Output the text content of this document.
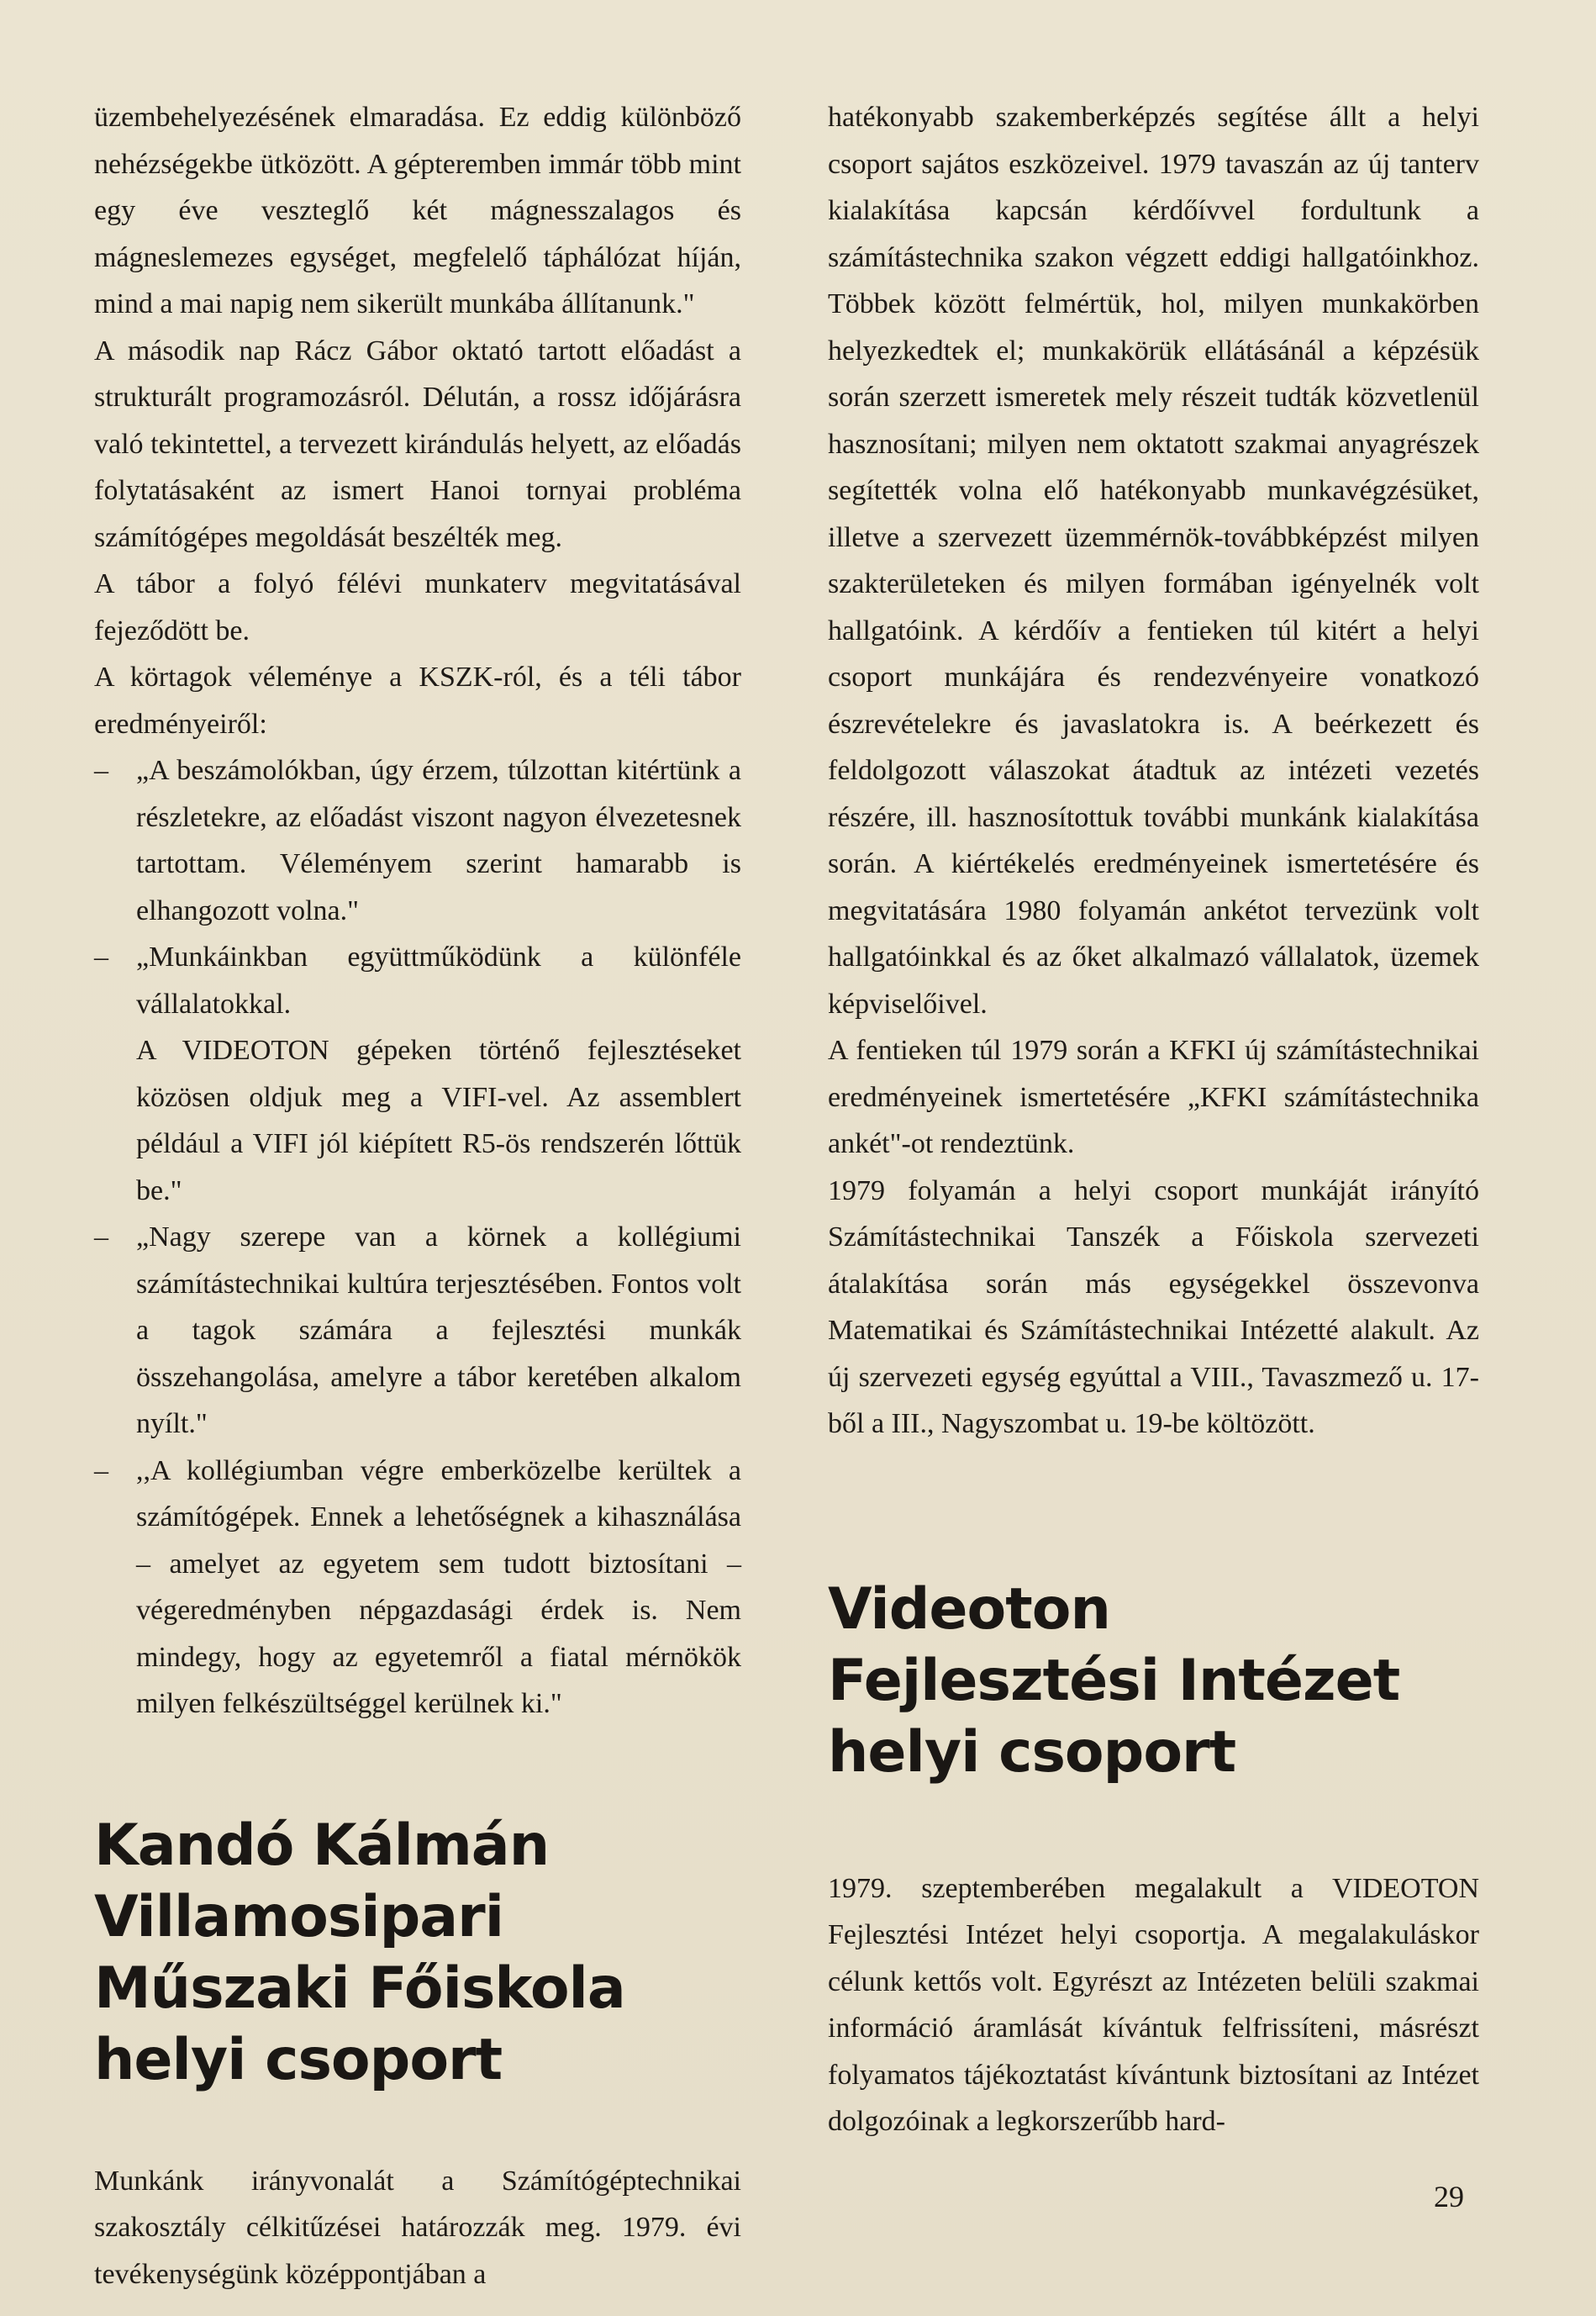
üzembehelyezésének elmaradása. Ez eddig különböző nehézségekbe ütközött. A gépteremben immár több mint egy éve veszteglő két mágnesszalagos és mágneslemezes egységet, megfelelő táphálózat híján, mind a mai napig nem sikerült munkába állítanunk."
A második nap Rácz Gábor oktató tartott előadást a strukturált programozásról. Délután, a rossz időjárásra való tekintettel, a tervezett kirándulás helyett, az előadás folytatásaként az ismert Hanoi tornyai probléma számítógépes megoldását beszélték meg.
A tábor a folyó félévi munkaterv megvitatásával fejeződött be.
A körtagok véleménye a KSZK-ról, és a téli tábor eredményeiről:
– „A beszámolókban, úgy érzem, túlzottan kitértünk a részletekre, az előadást viszont nagyon élvezetesnek tartottam. Véleményem szerint hamarabb is elhangozott volna."
– „Munkáinkban együttműködünk a különféle vállalatokkal.
A VIDEOTON gépeken történő fejlesztéseket közösen oldjuk meg a VIFI-vel. Az assemblert például a VIFI jól kiépített R5-ös rendszerén lőttük be."
– „Nagy szerepe van a körnek a kollégiumi számítástechnikai kultúra terjesztésében. Fontos volt a tagok számára a fejlesztési munkák összehangolása, amelyre a tábor keretében alkalom nyílt."
– ,,A kollégiumban végre emberközelbe kerültek a számítógépek. Ennek a lehetőségnek a kihasználása – amelyet az egyetem sem tudott biztosítani – végeredményben népgazdasági érdek is. Nem mindegy, hogy az egyetemről a fiatal mérnökök milyen felkészültséggel kerülnek ki."
Kandó Kálmán
Villamosipari
Műszaki Főiskola
helyi csoport

Munkánk irányvonalát a Számítógéptechnikai szakosztály célkitűzései határozzák meg. 1979. évi tevékenységünk középpontjában a

hatékonyabb szakemberképzés segítése állt a helyi csoport sajátos eszközeivel. 1979 tavaszán az új tanterv kialakítása kapcsán kérdőívvel fordultunk a számítástechnika szakon végzett eddigi hallgatóinkhoz. Többek között felmértük, hol, milyen munkakörben helyezkedtek el; munkakörük ellátásánál a képzésük során szerzett ismeretek mely részeit tudták közvetlenül hasznosítani; milyen nem oktatott szakmai anyagrészek segítették volna elő hatékonyabb munkavégzésüket, illetve a szervezett üzemmérnök-továbbképzést milyen szakterületeken és milyen formában igényelnék volt hallgatóink. A kérdőív a fentieken túl kitért a helyi csoport munkájára és rendezvényeire vonatkozó észrevételekre és javaslatokra is. A beérkezett és feldolgozott válaszokat átadtuk az intézeti vezetés részére, ill. hasznosítottuk további munkánk kialakítása során. A kiértékelés eredményeinek ismertetésére és megvitatására 1980 folyamán ankétot tervezünk volt hallgatóinkkal és az őket alkalmazó vállalatok, üzemek képviselőivel.
A fentieken túl 1979 során a KFKI új számítástechnikai eredményeinek ismertetésére „KFKI számítástechnika ankét"-ot rendeztünk.
1979 folyamán a helyi csoport munkáját irányító Számítástechnikai Tanszék a Főiskola szervezeti átalakítása során más egységekkel összevonva Matematikai és Számítástechnikai Intézetté alakult. Az új szervezeti egység egyúttal a VIII., Tavaszmező u. 17-ből a III., Nagyszombat u. 19-be költözött.
Videoton
Fejlesztési Intézet
helyi csoport

1979. szeptemberében megalakult a VIDEOTON Fejlesztési Intézet helyi csoportja. A megalakuláskor célunk kettős volt. Egyrészt az Intézeten belüli szakmai információ áramlását kívántuk felfrissíteni, másrészt folyamatos tájékoztatást kívántunk biztosítani az Intézet dolgozóinak a legkorszerűbb hard-

29
